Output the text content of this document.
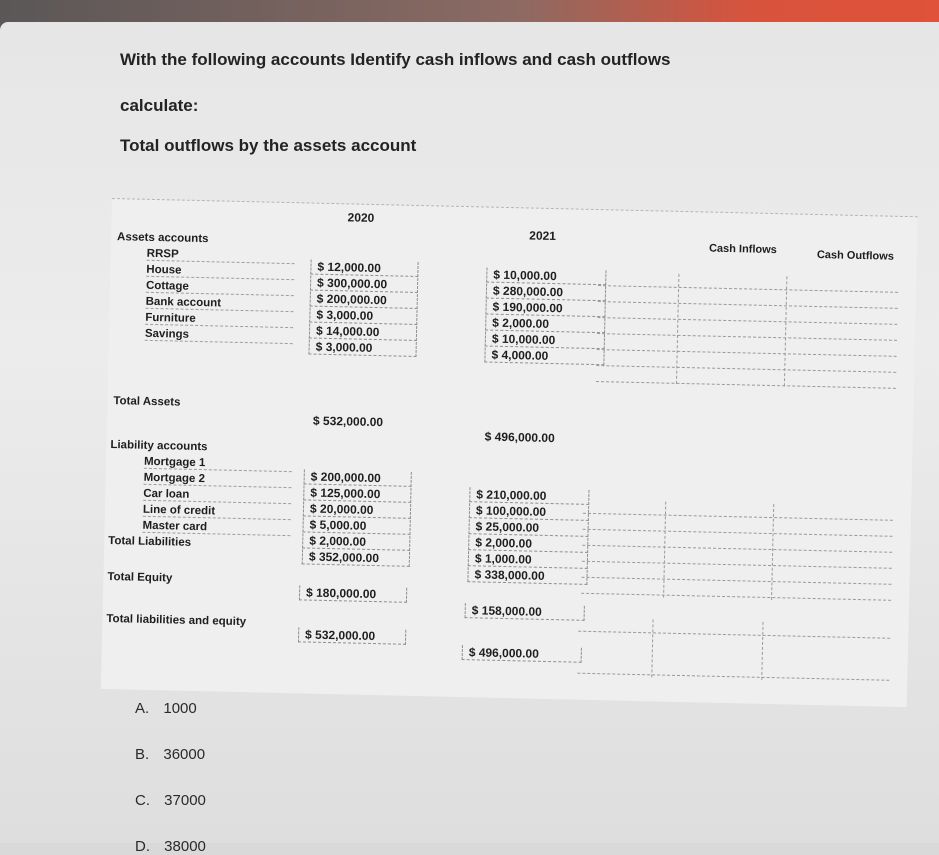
With the following accounts Identify cash inflows and cash outflows

calculate:

Total outflows by the assets account

2020
2021
Cash Inflows	Cash Outflows
Assets accounts
RRSP
House
Cottage
Bank account
Furniture
Savings
$ 12,000.00
$ 300,000.00
$ 200,000.00
$ 3,000.00
$ 14,000.00
$ 3,000.00
$ 10,000.00
$ 280,000.00
$ 190,000.00
$ 2,000.00
$ 10,000.00
$ 4,000.00
Total Assets
$ 532,000.00
$ 496,000.00
Liability accounts
Mortgage 1
Mortgage 2
Car loan
Line of credit
Master card
$ 200,000.00
$ 125,000.00
$ 20,000.00
$ 5,000.00
$ 2,000.00
$ 210,000.00
$ 100,000.00
$ 25,000.00
$ 2,000.00
$ 1,000.00
Total Liabilities
$ 352,000.00
$ 338,000.00
Total Equity
$ 180,000.00
$ 158,000.00
Total liabilities and equity
$ 532,000.00
$ 496,000.00
A. 1000
B. 36000
C. 37000
D. 38000
